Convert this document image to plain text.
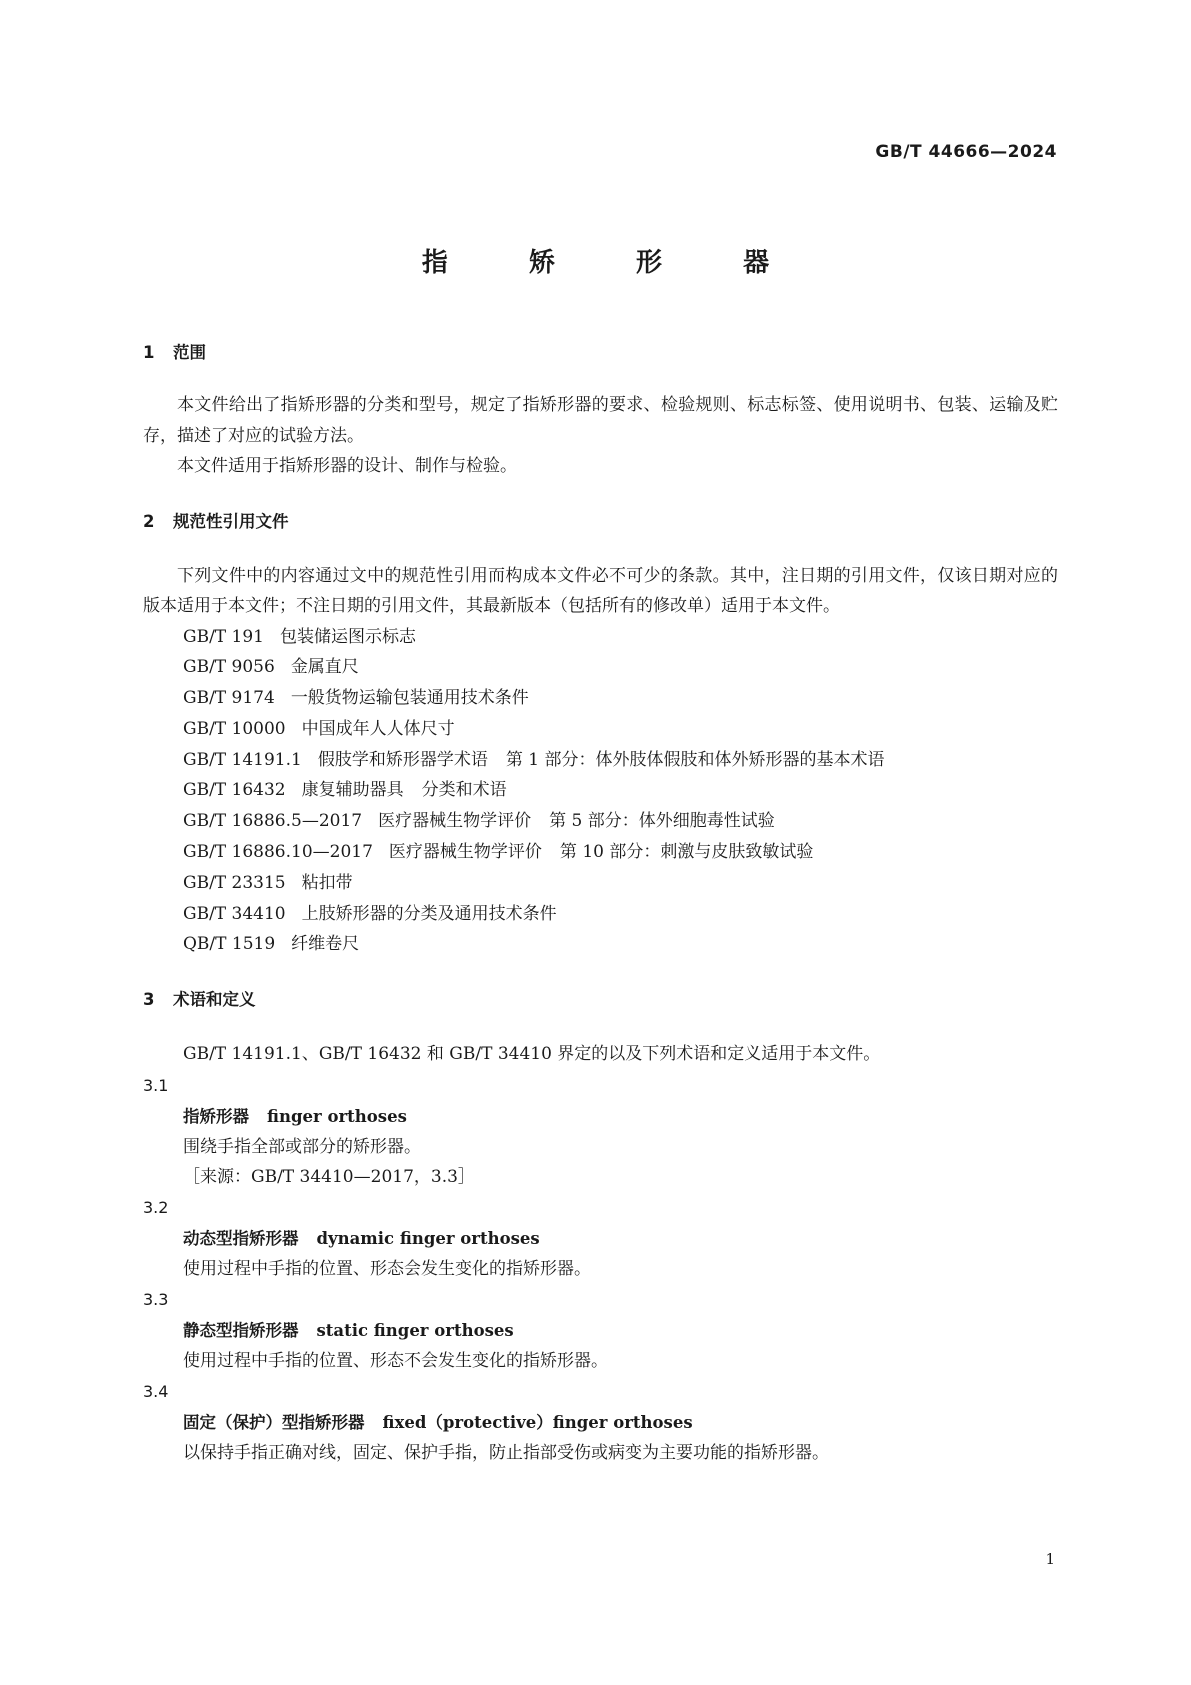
GB/T 44666—2024
指 矫 形 器
1 范围
本文件给出了指矫形器的分类和型号，规定了指矫形器的要求、检验规则、标志标签、使用说明书、包装、运输及贮存，描述了对应的试验方法。
本文件适用于指矫形器的设计、制作与检验。
2 规范性引用文件
下列文件中的内容通过文中的规范性引用而构成本文件必不可少的条款。其中，注日期的引用文件，仅该日期对应的版本适用于本文件；不注日期的引用文件，其最新版本（包括所有的修改单）适用于本文件。
GB/T 191 包装储运图示标志
GB/T 9056 金属直尺
GB/T 9174 一般货物运输包装通用技术条件
GB/T 10000 中国成年人人体尺寸
GB/T 14191.1 假肢学和矫形器学术语 第 1 部分：体外肢体假肢和体外矫形器的基本术语
GB/T 16432 康复辅助器具 分类和术语
GB/T 16886.5—2017 医疗器械生物学评价 第 5 部分：体外细胞毒性试验
GB/T 16886.10—2017 医疗器械生物学评价 第 10 部分：刺激与皮肤致敏试验
GB/T 23315 粘扣带
GB/T 34410 上肢矫形器的分类及通用技术条件
QB/T 1519 纤维卷尺
3 术语和定义
GB/T 14191.1、GB/T 16432 和 GB/T 34410 界定的以及下列术语和定义适用于本文件。
3.1
指矫形器 finger orthoses
围绕手指全部或部分的矫形器。
［来源：GB/T 34410—2017，3.3］
3.2
动态型指矫形器 dynamic finger orthoses
使用过程中手指的位置、形态会发生变化的指矫形器。
3.3
静态型指矫形器 static finger orthoses
使用过程中手指的位置、形态不会发生变化的指矫形器。
3.4
固定（保护）型指矫形器 fixed（protective）finger orthoses
以保持手指正确对线，固定、保护手指，防止指部受伤或病变为主要功能的指矫形器。
1
